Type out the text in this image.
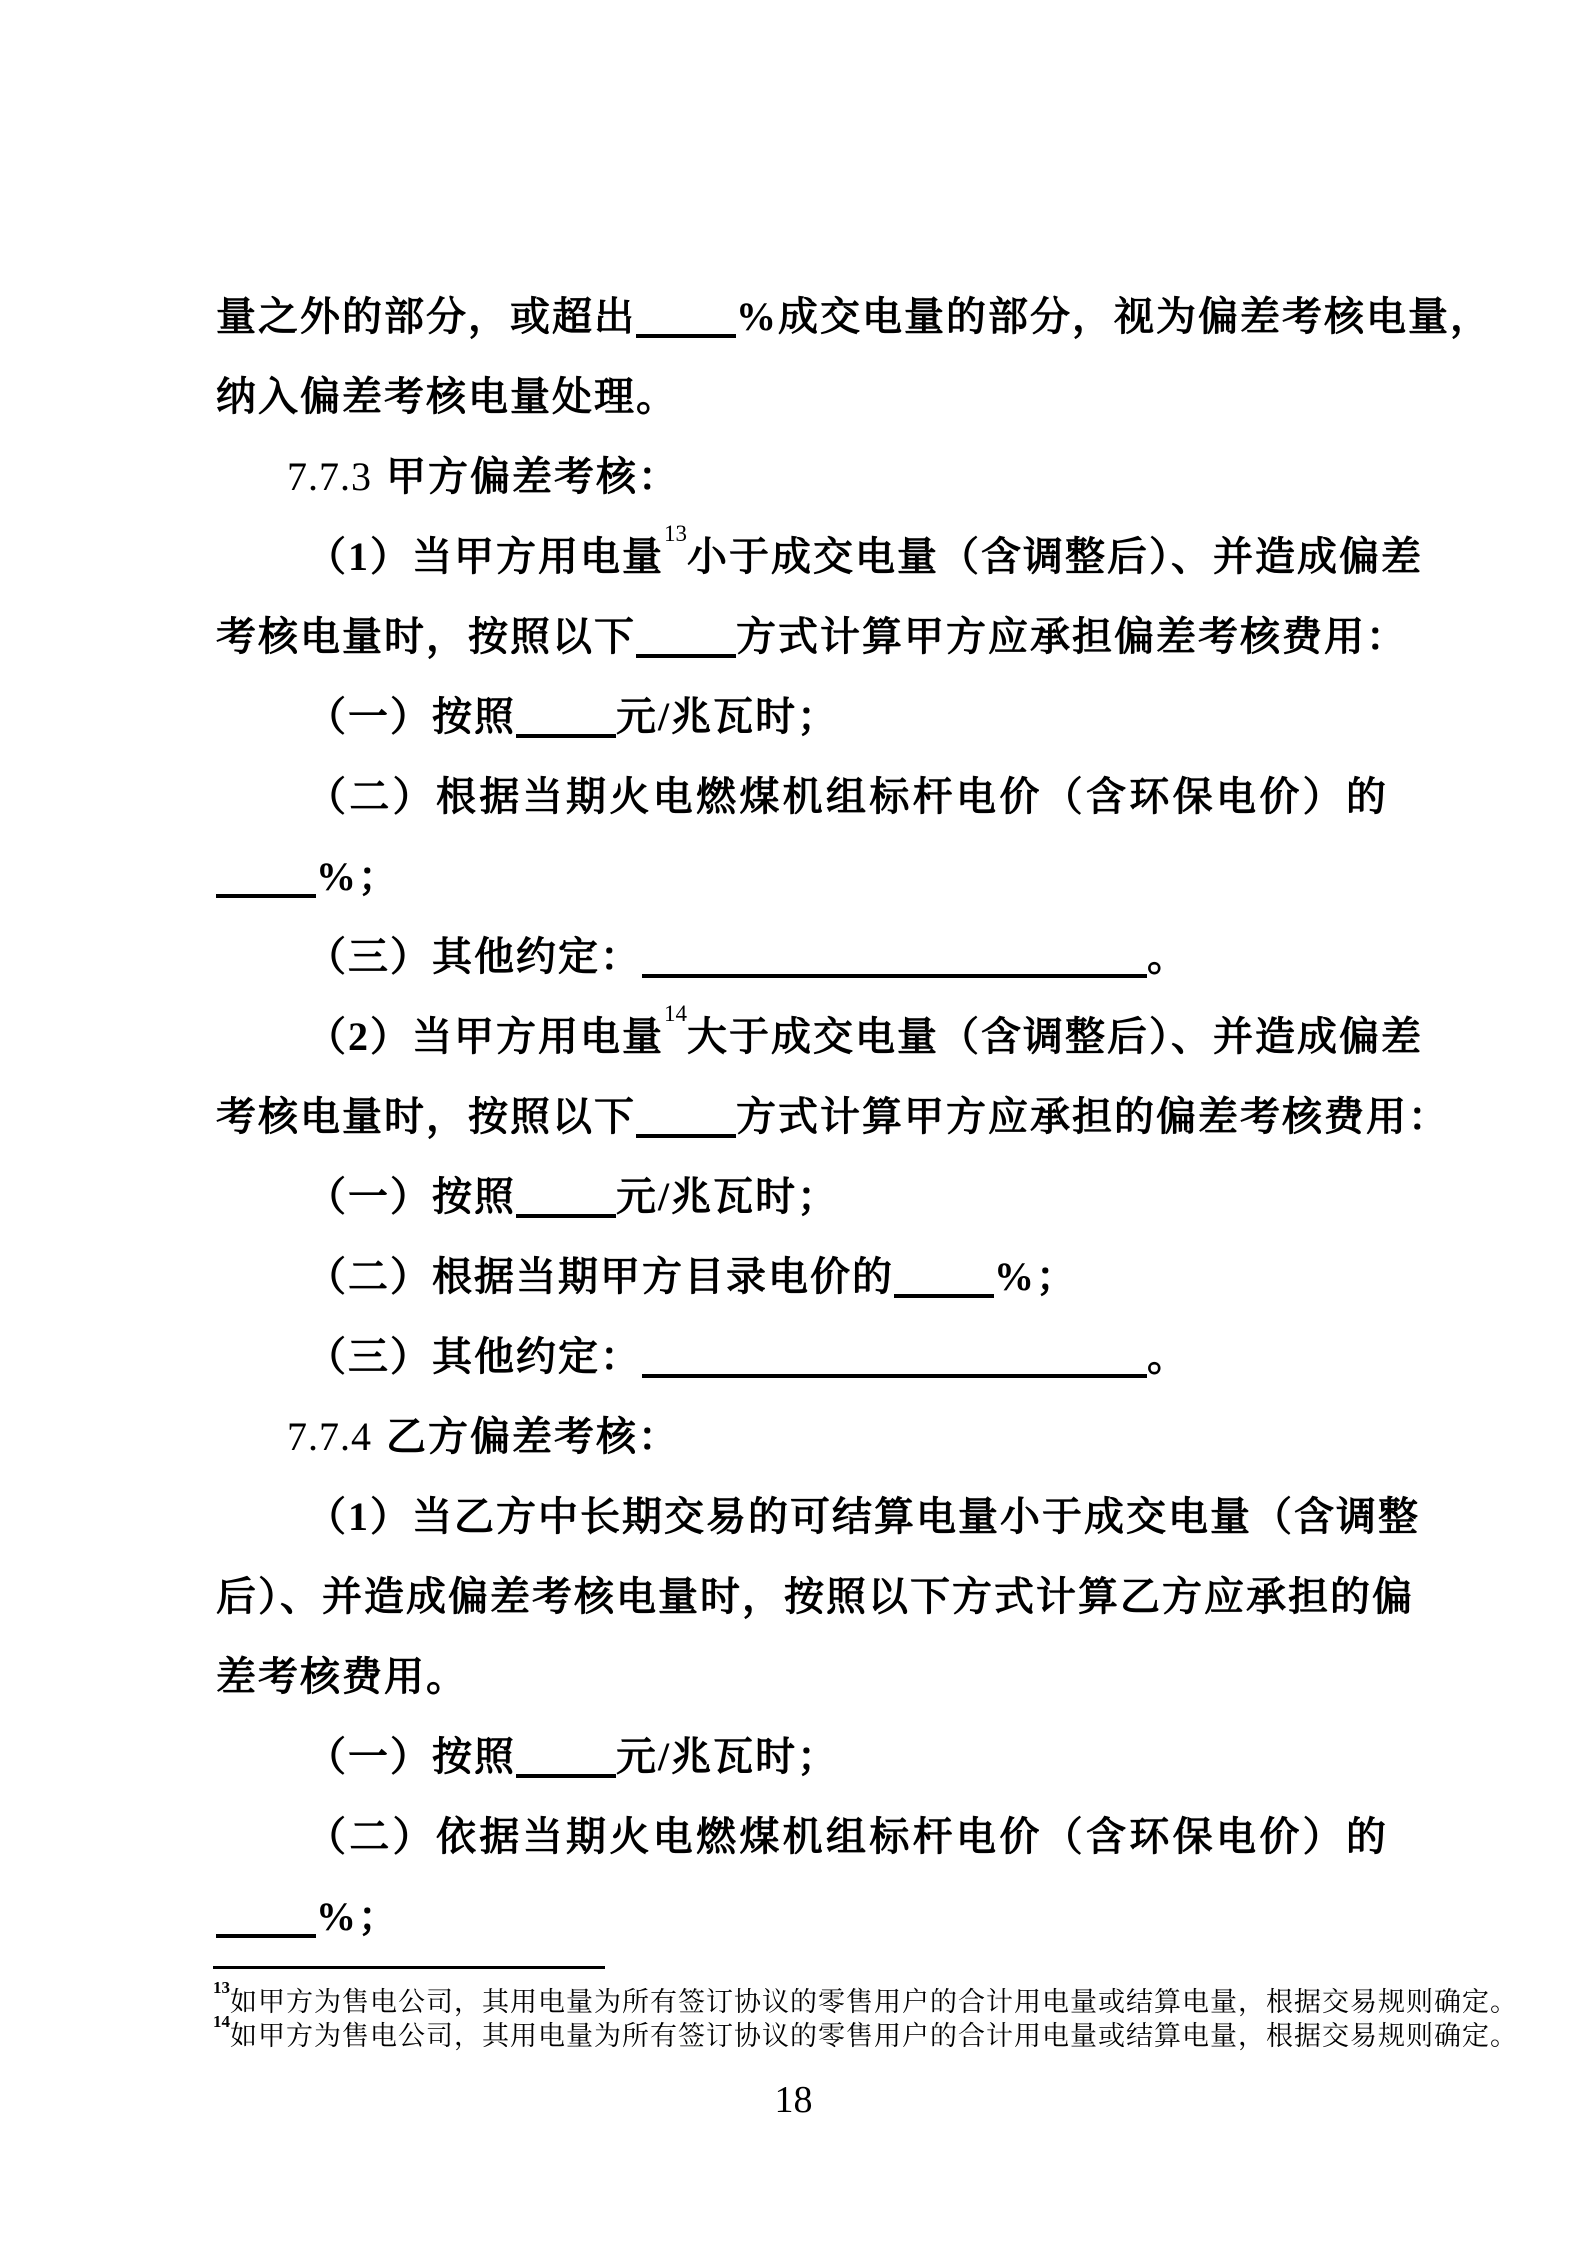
量之外的部分，或超出	%成交电量的部分，视为偏差考核电量，
纳入偏差考核电量处理。
7.7.3 甲方偏差考核：
（1）当甲方用电量$^{13}$小于成交电量（含调整后）、并造成偏差
考核电量时，按照以下	方式计算甲方应承担偏差考核费用：
（一）按照	元/兆瓦时；
（二）根据当期火电燃煤机组标杆电价（含环保电价）的
%；
（三）其他约定：	。
（2）当甲方用电量$^{14}$大于成交电量（含调整后）、并造成偏差
考核电量时，按照以下	方式计算甲方应承担的偏差考核费用：
（一）按照	元/兆瓦时；
（二）根据当期甲方目录电价的	%；
（三）其他约定：	。
7.7.4 乙方偏差考核：
（1）当乙方中长期交易的可结算电量小于成交电量（含调整
后）、并造成偏差考核电量时，按照以下方式计算乙方应承担的偏
差考核费用。
（一）按照	元/兆瓦时；
（二）依据当期火电燃煤机组标杆电价（含环保电价）的
%；
$^{13}$如甲方为售电公司，其用电量为所有签订协议的零售用户的合计用电量或结算电量，根据交易规则确定。
$^{14}$如甲方为售电公司，其用电量为所有签订协议的零售用户的合计用电量或结算电量，根据交易规则确定。
18
